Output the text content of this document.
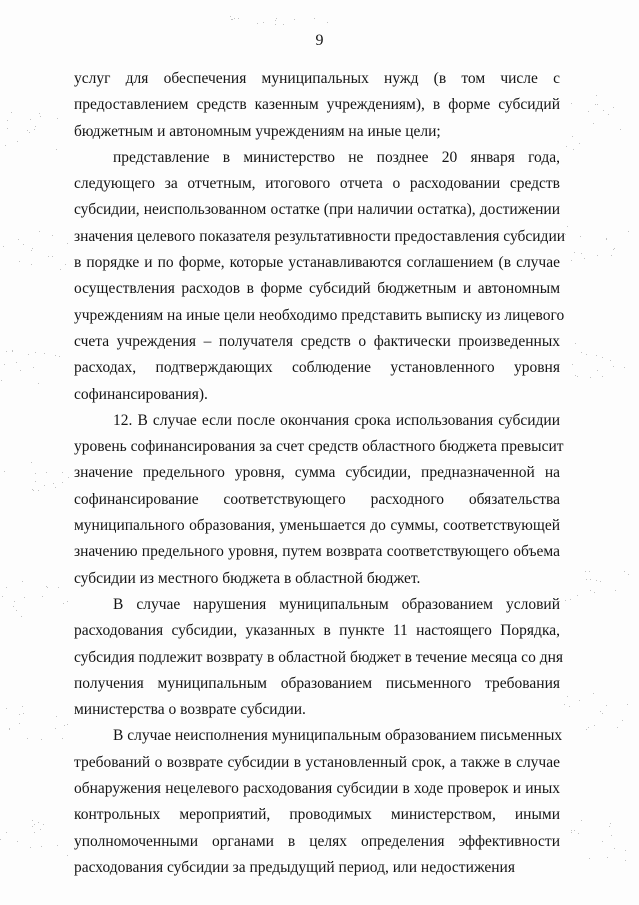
9
услуг для обеспечения муниципальных нужд (в том числе с
предоставлением средств казенным учреждениям), в форме субсидий
бюджетным и автономным учреждениям на иные цели;
представление в министерство не позднее 20 января года,
следующего за отчетным, итогового отчета о расходовании средств
субсидии, неиспользованном остатке (при наличии остатка), достижении
значения целевого показателя результативности предоставления субсидии
в порядке и по форме, которые устанавливаются соглашением (в случае
осуществления расходов в форме субсидий бюджетным и автономным
учреждениям на иные цели необходимо представить выписку из лицевого
счета учреждения – получателя средств о фактически произведенных
расходах, подтверждающих соблюдение установленного уровня
софинансирования).
12. В случае если после окончания срока использования субсидии
уровень софинансирования за счет средств областного бюджета превысит
значение предельного уровня, сумма субсидии, предназначенной на
софинансирование соответствующего расходного обязательства
муниципального образования, уменьшается до суммы, соответствующей
значению предельного уровня, путем возврата соответствующего объема
субсидии из местного бюджета в областной бюджет.
В случае нарушения муниципальным образованием условий
расходования субсидии, указанных в пункте 11 настоящего Порядка,
субсидия подлежит возврату в областной бюджет в течение месяца со дня
получения муниципальным образованием письменного требования
министерства о возврате субсидии.
В случае неисполнения муниципальным образованием письменных
требований о возврате субсидии в установленный срок, а также в случае
обнаружения нецелевого расходования субсидии в ходе проверок и иных
контрольных мероприятий, проводимых министерством, иными
уполномоченными органами в целях определения эффективности
расходования субсидии за предыдущий период, или недостижения
